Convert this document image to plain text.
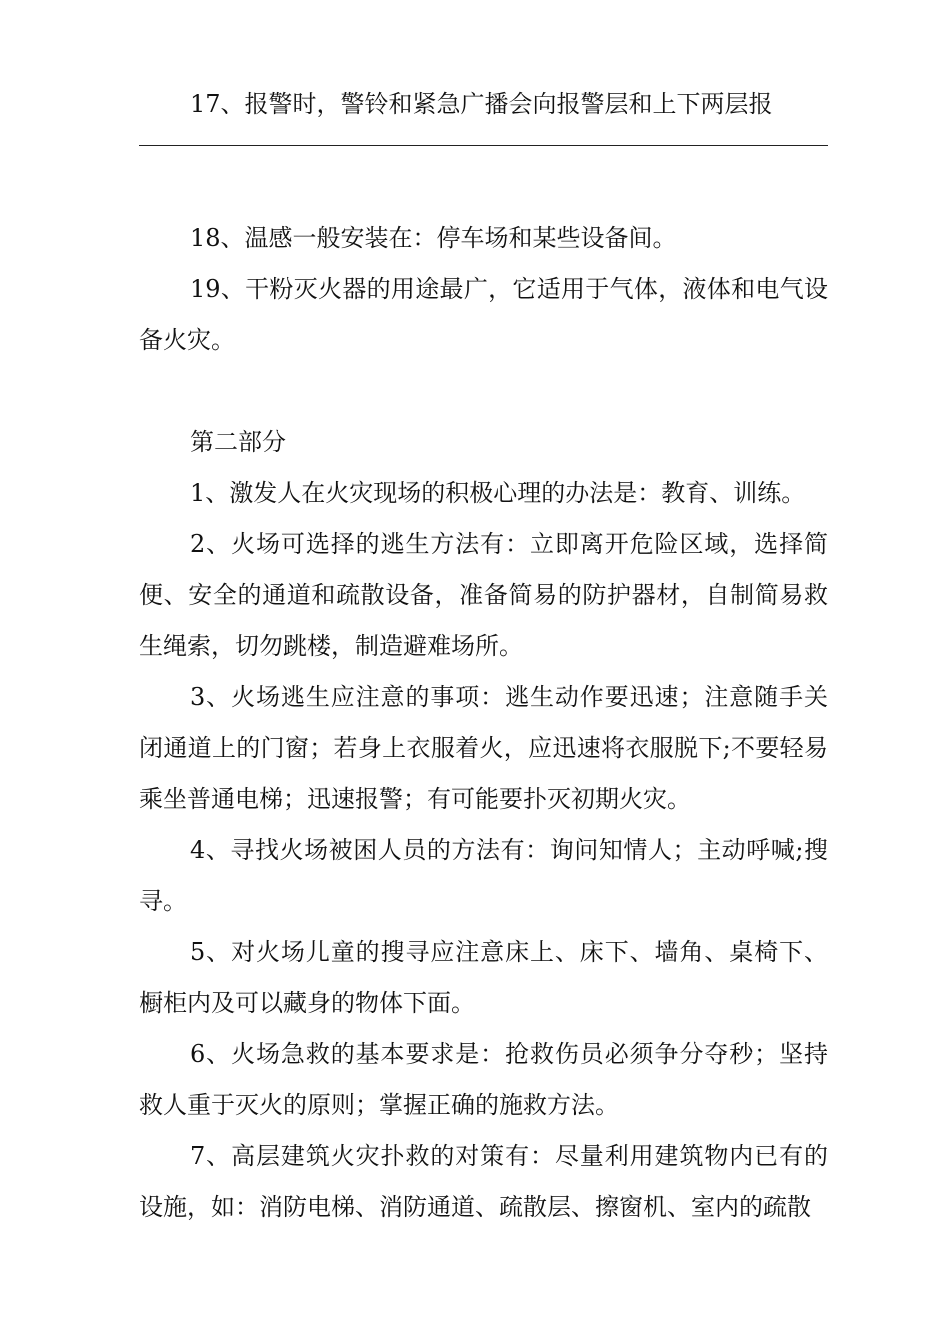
17、报警时，警铃和紧急广播会向报警层和上下两层报

18、温感一般安装在：停车场和某些设备间。

19、干粉灭火器的用途最广，它适用于气体，液体和电气设备火灾。

第二部分

1、激发人在火灾现场的积极心理的办法是：教育、训练。

2、火场可选择的逃生方法有：立即离开危险区域，选择简便、安全的通道和疏散设备，准备简易的防护器材，自制简易救生绳索，切勿跳楼，制造避难场所。

3、火场逃生应注意的事项：逃生动作要迅速；注意随手关闭通道上的门窗；若身上衣服着火，应迅速将衣服脱下;不要轻易乘坐普通电梯；迅速报警；有可能要扑灭初期火灾。

4、寻找火场被困人员的方法有：询问知情人；主动呼喊;搜寻。

5、对火场儿童的搜寻应注意床上、床下、墙角、桌椅下、橱柜内及可以藏身的物体下面。

6、火场急救的基本要求是：抢救伤员必须争分夺秒；坚持救人重于灭火的原则；掌握正确的施救方法。

7、高层建筑火灾扑救的对策有：尽量利用建筑物内已有的设施，如：消防电梯、消防通道、疏散层、擦窗机、室内的疏散
